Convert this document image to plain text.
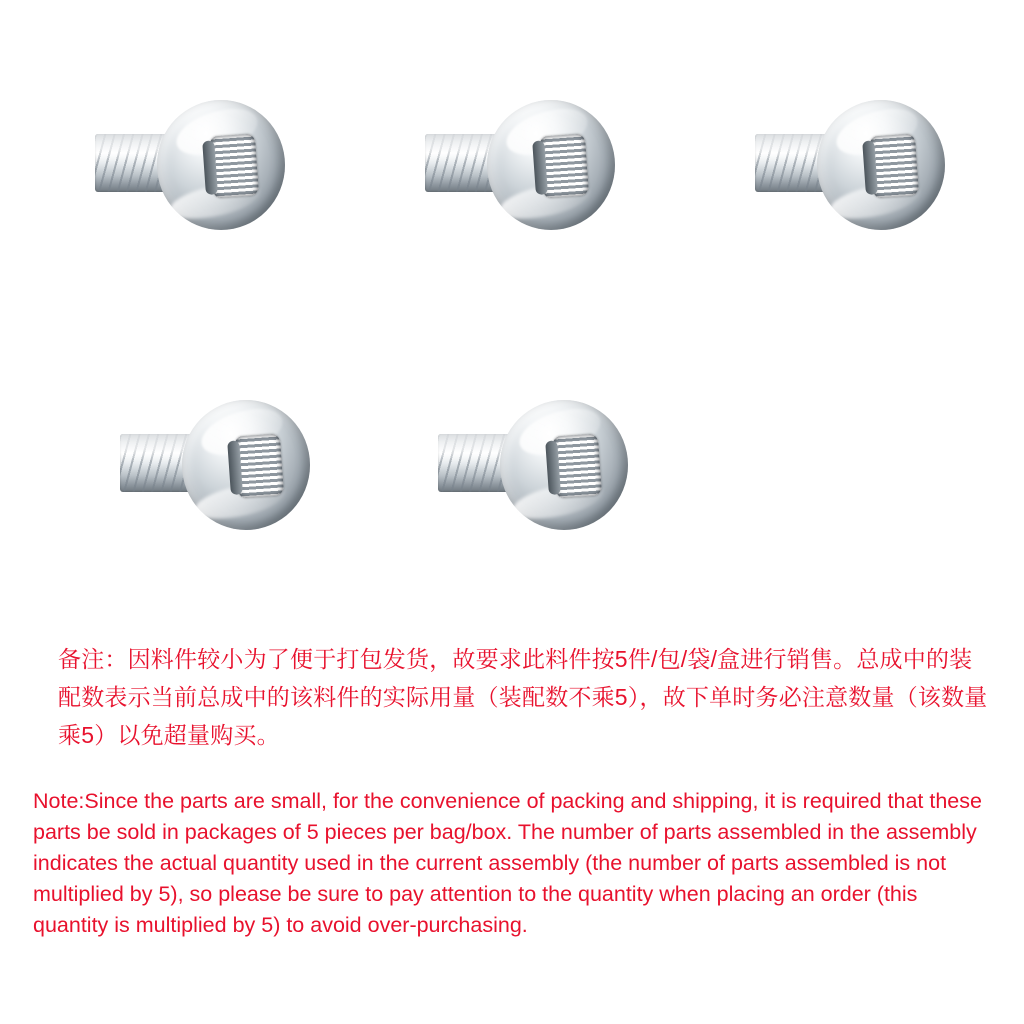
备注：因料件较小为了便于打包发货，故要求此料件按5件/包/袋/盒进行销售。总成中的装配数表示当前总成中的该料件的实际用量（装配数不乘5），故下单时务必注意数量（该数量乘5）以免超量购买。
Note:Since the parts are small, for the convenience of packing and shipping, it is required that these parts be sold in packages of 5 pieces per bag/box. The number of parts assembled in the assembly indicates the actual quantity used in the current assembly (the number of parts assembled is not multiplied by 5), so please be sure to pay attention to the quantity when placing an order (this quantity is multiplied by 5) to avoid over-purchasing.
